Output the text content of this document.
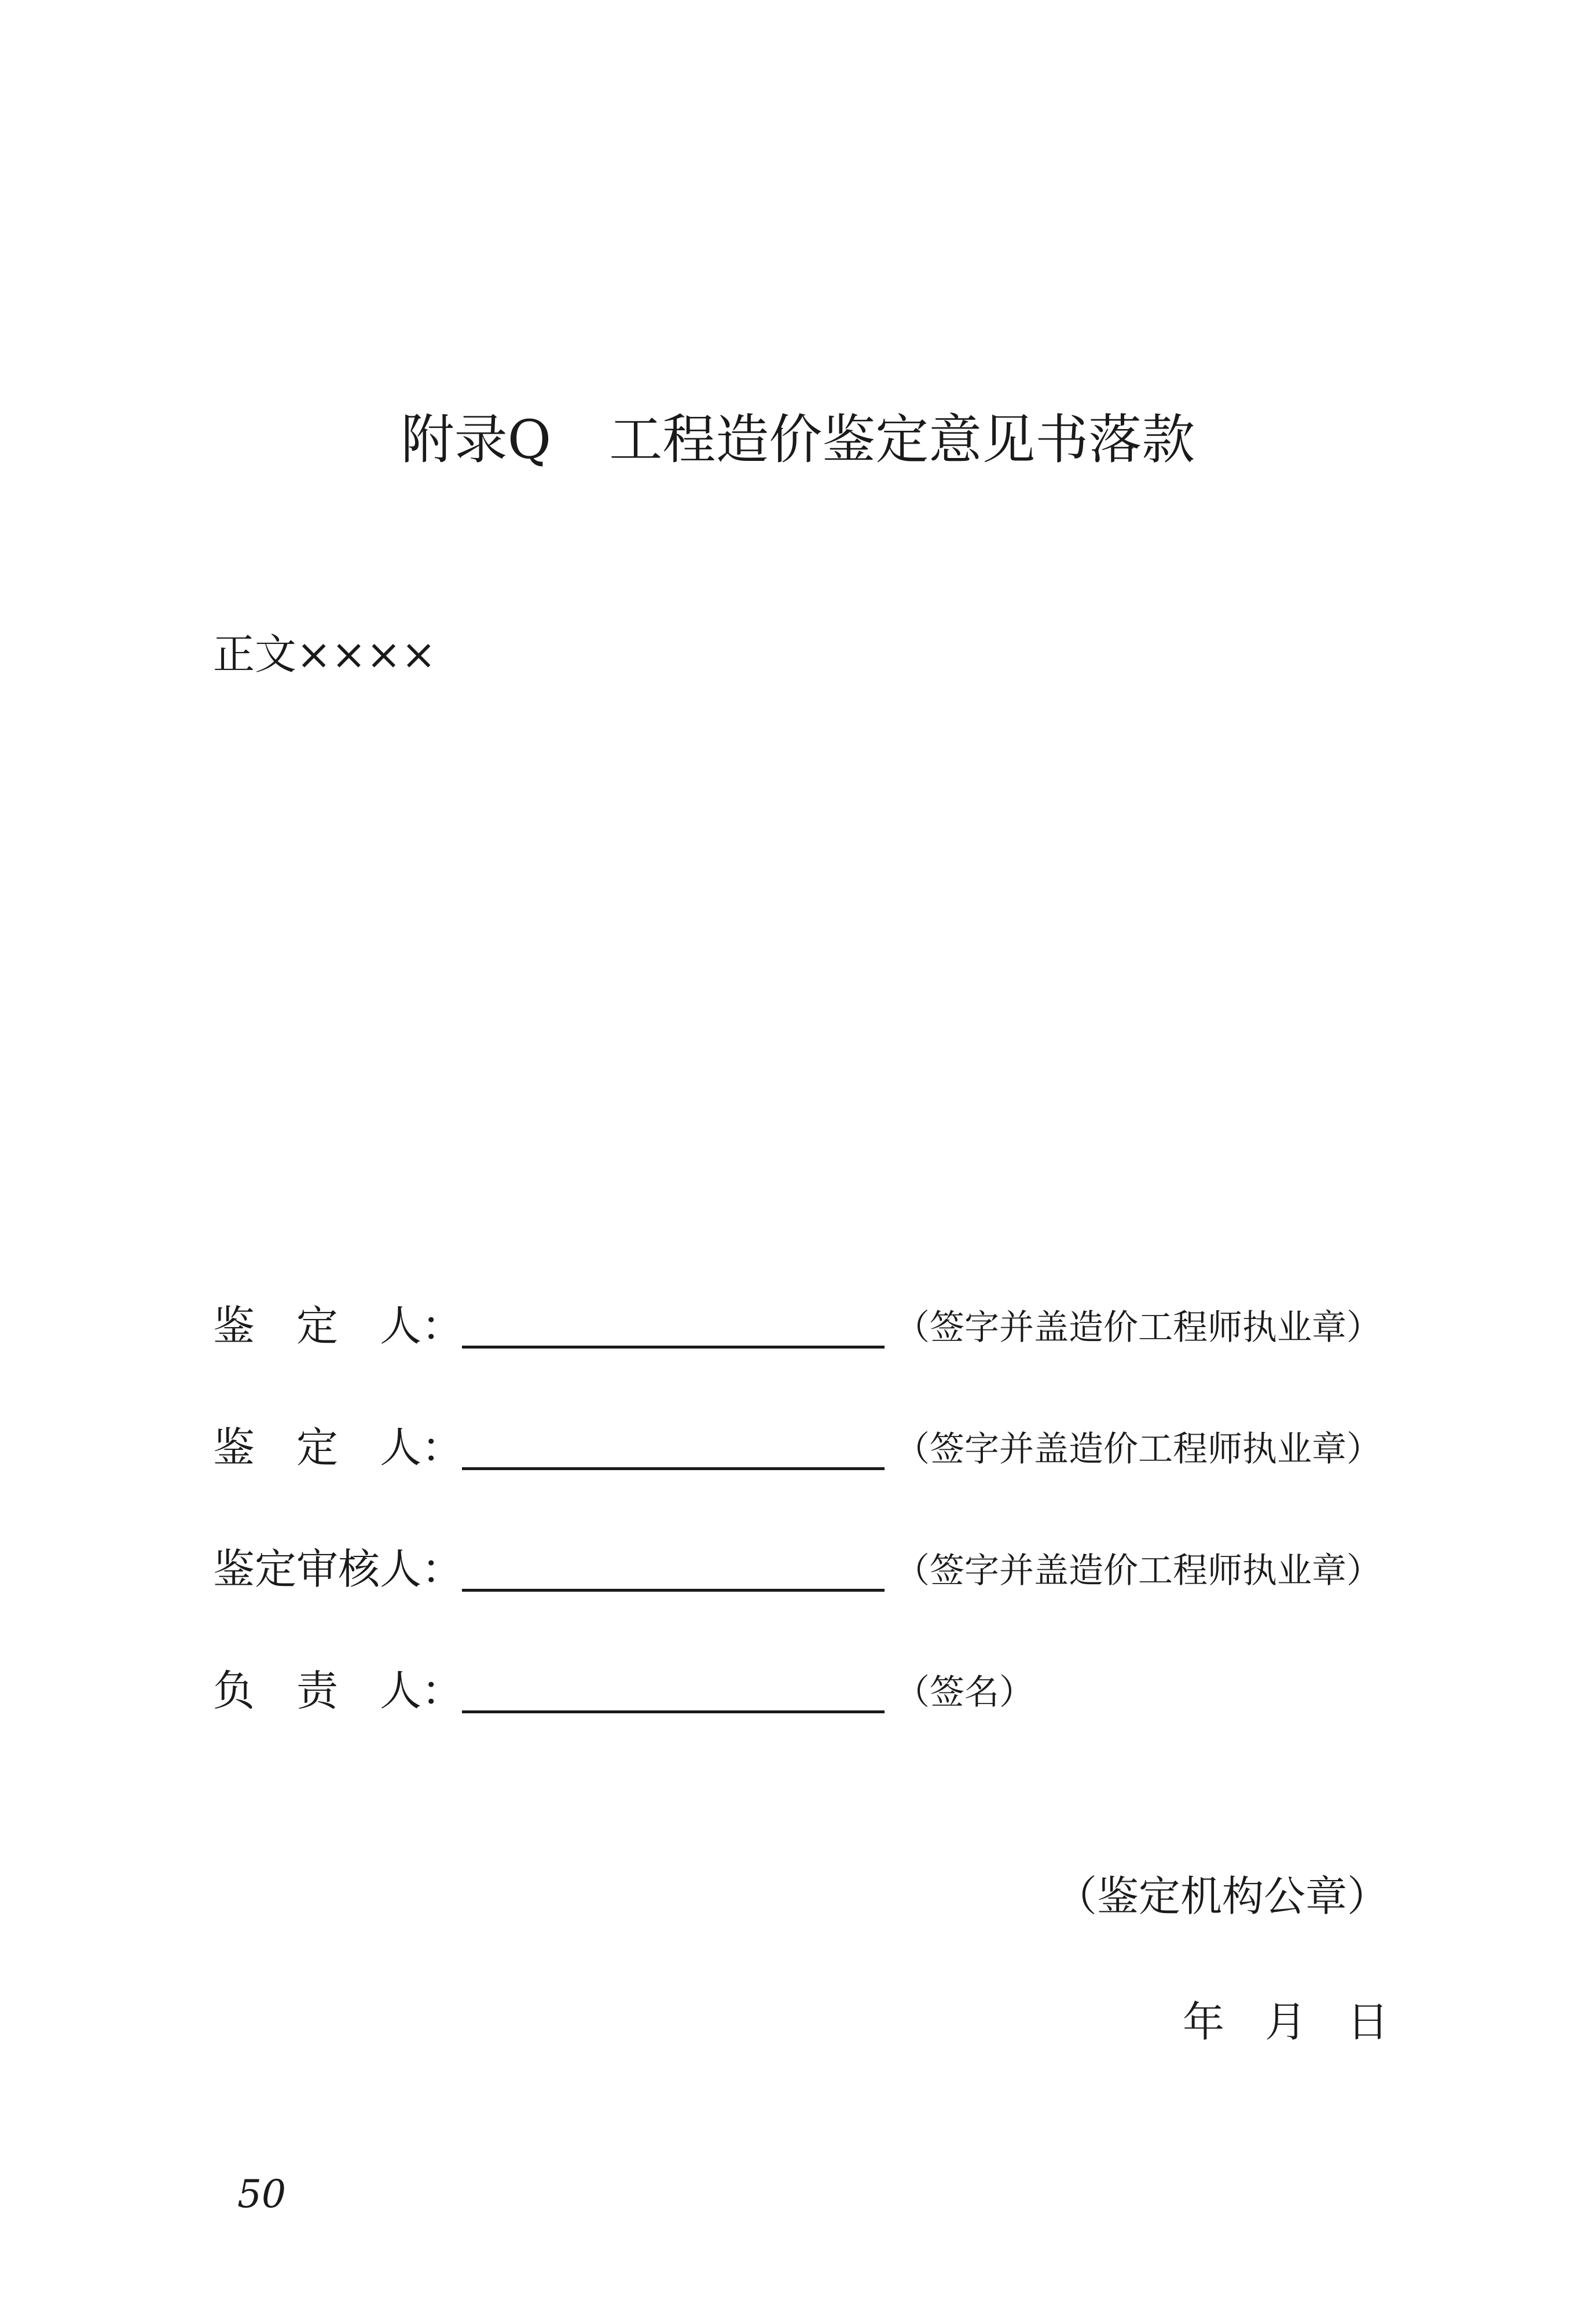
附录Q 工程造价鉴定意见书落款
正文××××
鉴定人：	（签字并盖造价工程师执业章）
鉴定人：	（签字并盖造价工程师执业章）
鉴定审核人：	（签字并盖造价工程师执业章）
负责人：	（签名）
（鉴定机构公章）
年 月 日
50
